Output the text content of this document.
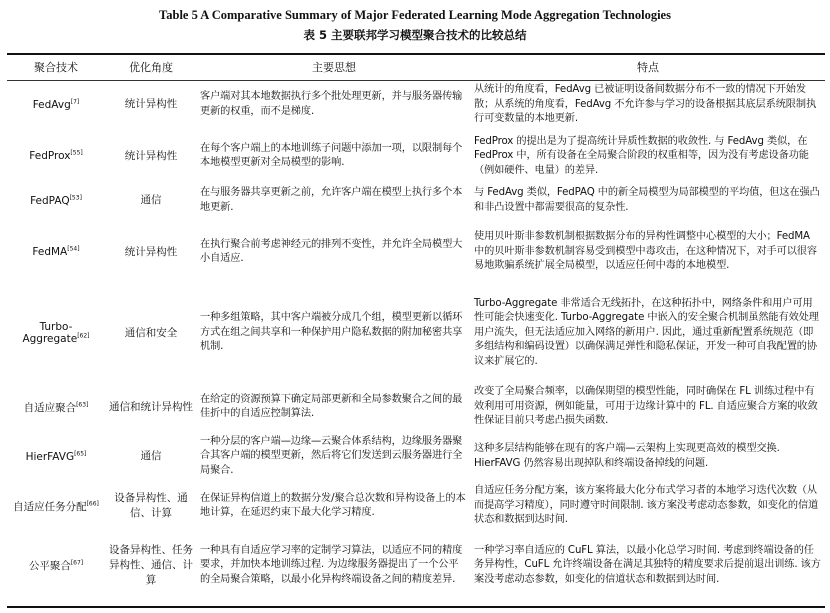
Table 5 A Comparative Summary of Major Federated Learning Mode Aggregation Technologies
表 5 主要联邦学习模型聚合技术的比较总结
聚合技术	优化角度	主要思想	特点
FedAvg[7]	统计异构性	客户端对其本地数据执行多个批处理更新，并与服务器传输更新的权重，而不是梯度.	从统计的角度看，FedAvg 已被证明设备间数据分布不一致的情况下开始发散；从系统的角度看，FedAvg 不允许参与学习的设备根据其底层系统限制执行可变数量的本地更新.
FedProx[55]	统计异构性	在每个客户端上的本地训练子问题中添加一项，以限制每个本地模型更新对全局模型的影响.	FedProx 的提出是为了提高统计异质性数据的收敛性. 与 FedAvg 类似，在 FedProx 中，所有设备在全局聚合阶段的权重相等，因为没有考虑设备功能（例如硬件、电量）的差异.
FedPAQ[53]	通信	在与服务器共享更新之前，允许客户端在模型上执行多个本地更新.	与 FedAvg 类似，FedPAQ 中的新全局模型为局部模型的平均值，但这在强凸和非凸设置中都需要很高的复杂性.
FedMA[54]	统计异构性	在执行聚合前考虑神经元的排列不变性，并允许全局模型大小自适应.	使用贝叶斯非参数机制根据数据分布的异构性调整中心模型的大小；FedMA 中的贝叶斯非参数机制容易受到模型中毒攻击，在这种情况下，对手可以很容易地欺骗系统扩展全局模型，以适应任何中毒的本地模型.
Turbo-Aggregate[62]	通信和安全	一种多组策略，其中客户端被分成几个组，模型更新以循环方式在组之间共享和一种保护用户隐私数据的附加秘密共享机制.	Turbo-Aggregate 非常适合无线拓扑，在这种拓扑中，网络条件和用户可用性可能会快速变化. Turbo-Aggregate 中嵌入的安全聚合机制虽然能有效处理用户流失，但无法适应加入网络的新用户. 因此，通过重新配置系统规范（即多组结构和编码设置）以确保满足弹性和隐私保证，开发一种可自我配置的协议来扩展它的.
自适应聚合[63]	通信和统计异构性	在给定的资源预算下确定局部更新和全局参数聚合之间的最佳折中的自适应控制算法.	改变了全局聚合频率，以确保期望的模型性能，同时确保在 FL 训练过程中有效利用可用资源，例如能量，可用于边缘计算中的 FL. 自适应聚合方案的收敛性保证目前只考虑凸损失函数.
HierFAVG[65]	通信	一种分层的客户端—边缘—云聚合体系结构，边缘服务器聚合其客户端的模型更新，然后将它们发送到云服务器进行全局聚合.	这种多层结构能够在现有的客户端—云架构上实现更高效的模型交换. HierFAVG 仍然容易出现掉队和终端设备掉线的问题.
自适应任务分配[66]	设备异构性、通信、计算	在保证异构信道上的数据分发/聚合总次数和异构设备上的本地计算，在延迟约束下最大化学习精度.	自适应任务分配方案，该方案将最大化分布式学习者的本地学习迭代次数（从而提高学习精度），同时遵守时间限制. 该方案没考虑动态参数，如变化的信道状态和数据到达时间.
公平聚合[67]	设备异构性、任务异构性、通信、计算	一种具有自适应学习率的定制学习算法，以适应不同的精度要求，并加快本地训练过程. 为边缘服务器提出了一个公平的全局聚合策略，以最小化异构终端设备之间的精度差异.	一种学习率自适应的 CuFL 算法，以最小化总学习时间. 考虑到终端设备的任务异构性，CuFL 允许终端设备在满足其独特的精度要求后提前退出训练. 该方案没考虑动态参数，如变化的信道状态和数据到达时间.
